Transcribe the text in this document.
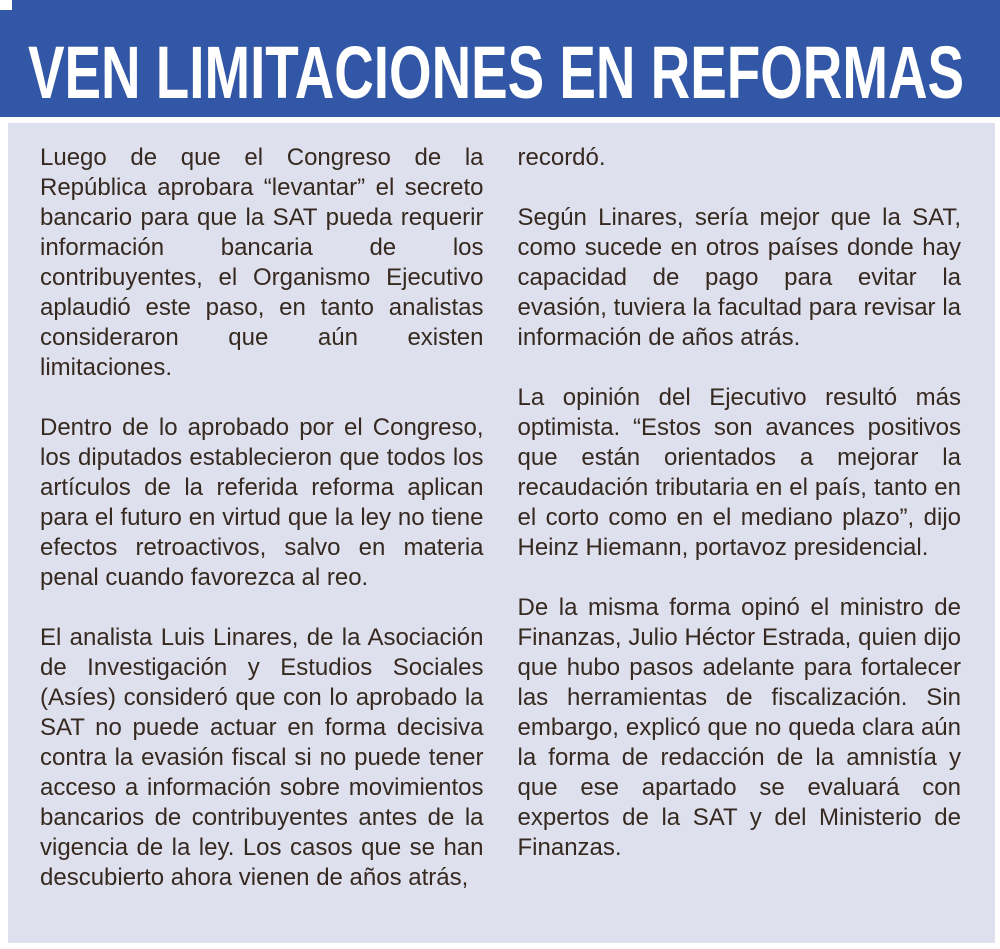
VEN LIMITACIONES EN REFORMAS

Luego de que el Congreso de la República aprobara “levantar” el secreto bancario para que la SAT pueda requerir información bancaria de los contribuyentes, el Organismo Ejecutivo aplaudió este paso, en tanto analistas consideraron que aún existen limitaciones.

Dentro de lo aprobado por el Congreso, los diputados establecieron que todos los artículos de la referida reforma aplican para el futuro en virtud que la ley no tiene efectos retroactivos, salvo en materia penal cuando favorezca al reo.

El analista Luis Linares, de la Asociación de Investigación y Estudios Sociales (Asíes) consideró que con lo aprobado la SAT no puede actuar en forma decisiva contra la evasión fiscal si no puede tener acceso a información sobre movimientos bancarios de contribuyentes antes de la vigencia de la ley. Los casos que se han descubierto ahora vienen de años atrás,

recordó.

Según Linares, sería mejor que la SAT, como sucede en otros países donde hay capacidad de pago para evitar la evasión, tuviera la facultad para revisar la información de años atrás.

La opinión del Ejecutivo resultó más optimista. “Estos son avances positivos que están orientados a mejorar la recaudación tributaria en el país, tanto en el corto como en el mediano plazo”, dijo Heinz Hiemann, portavoz presidencial.

De la misma forma opinó el ministro de Finanzas, Julio Héctor Estrada, quien dijo que hubo pasos adelante para fortalecer las herramientas de fiscalización. Sin embargo, explicó que no queda clara aún la forma de redacción de la amnistía y que ese apartado se evaluará con expertos de la SAT y del Ministerio de Finanzas.
